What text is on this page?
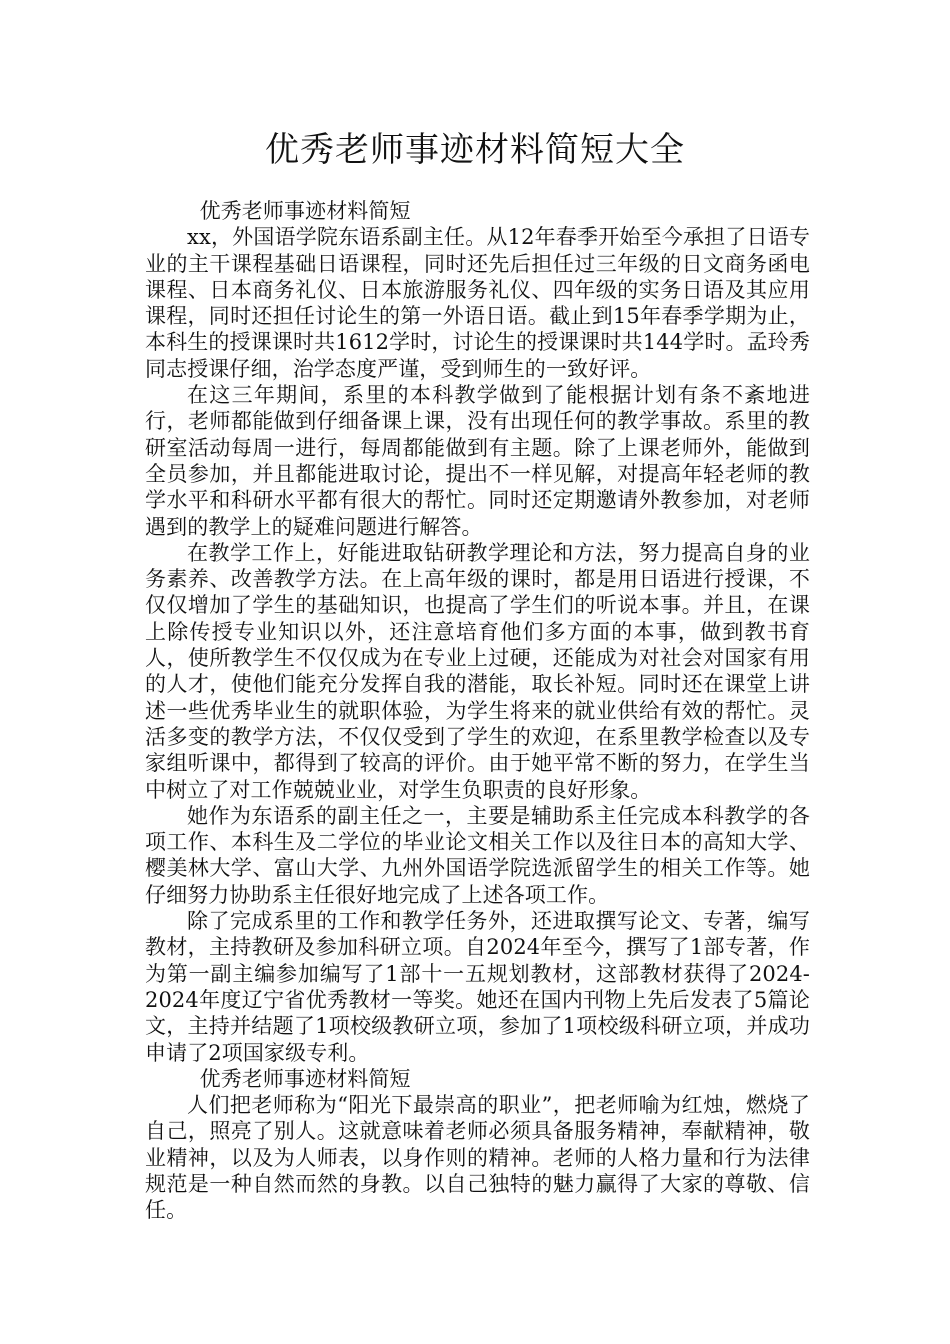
优秀老师事迹材料简短大全

优秀老师事迹材料简短

xx，外国语学院东语系副主任。从12年春季开始至今承担了日语专业的主干课程基础日语课程，同时还先后担任过三年级的日文商务函电课程、日本商务礼仪、日本旅游服务礼仪、四年级的实务日语及其应用课程，同时还担任讨论生的第一外语日语。截止到15年春季学期为止，本科生的授课课时共1612学时，讨论生的授课课时共144学时。孟玲秀同志授课仔细，治学态度严谨，受到师生的一致好评。

在这三年期间，系里的本科教学做到了能根据计划有条不紊地进行，老师都能做到仔细备课上课，没有出现任何的教学事故。系里的教研室活动每周一进行，每周都能做到有主题。除了上课老师外，能做到全员参加，并且都能进取讨论，提出不一样见解，对提高年轻老师的教学水平和科研水平都有很大的帮忙。同时还定期邀请外教参加，对老师遇到的教学上的疑难问题进行解答。

在教学工作上，好能进取钻研教学理论和方法，努力提高自身的业务素养、改善教学方法。在上高年级的课时，都是用日语进行授课，不仅仅增加了学生的基础知识，也提高了学生们的听说本事。并且，在课上除传授专业知识以外，还注意培育他们多方面的本事，做到教书育人，使所教学生不仅仅成为在专业上过硬，还能成为对社会对国家有用的人才，使他们能充分发挥自我的潜能，取长补短。同时还在课堂上讲述一些优秀毕业生的就职体验，为学生将来的就业供给有效的帮忙。灵活多变的教学方法，不仅仅受到了学生的欢迎，在系里教学检查以及专家组听课中，都得到了较高的评价。由于她平常不断的努力，在学生当中树立了对工作兢兢业业，对学生负职责的良好形象。

她作为东语系的副主任之一，主要是辅助系主任完成本科教学的各项工作、本科生及二学位的毕业论文相关工作以及往日本的高知大学、樱美林大学、富山大学、九州外国语学院选派留学生的相关工作等。她仔细努力协助系主任很好地完成了上述各项工作。

除了完成系里的工作和教学任务外，还进取撰写论文、专著，编写教材，主持教研及参加科研立项。自2024年至今，撰写了1部专著，作为第一副主编参加编写了1部十一五规划教材，这部教材获得了2024-2024年度辽宁省优秀教材一等奖。她还在国内刊物上先后发表了5篇论文，主持并结题了1项校级教研立项，参加了1项校级科研立项，并成功申请了2项国家级专利。

优秀老师事迹材料简短

人们把老师称为“阳光下最崇高的职业”，把老师喻为红烛，燃烧了自己，照亮了别人。这就意味着老师必须具备服务精神，奉献精神，敬业精神，以及为人师表，以身作则的精神。老师的人格力量和行为法律规范是一种自然而然的身教。以自己独特的魅力赢得了大家的尊敬、信任。
